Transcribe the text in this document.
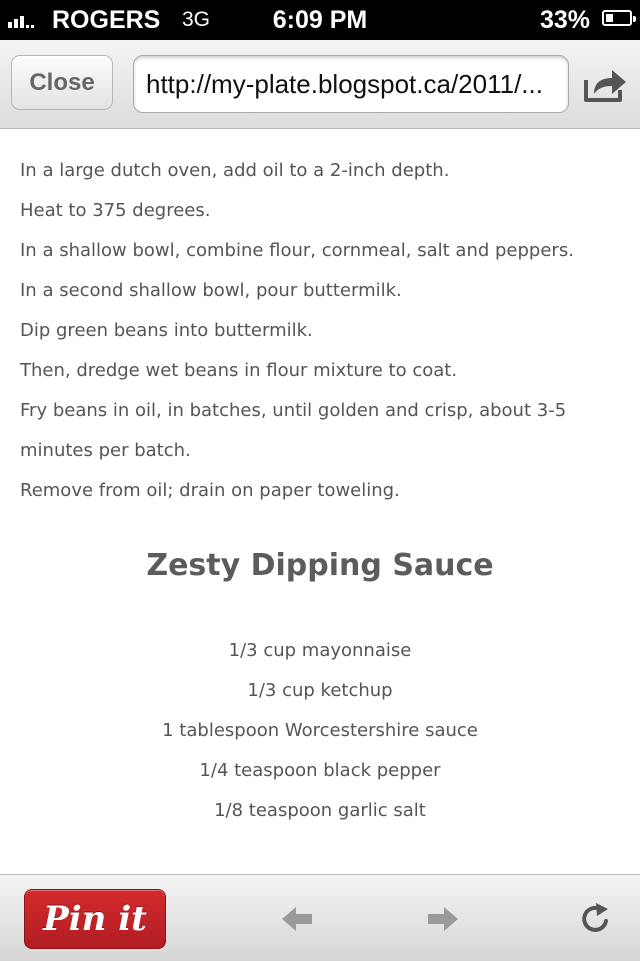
ROGERS 3G	6:09 PM	33%
Close	http://my-plate.blogspot.ca/2011/...
In a large dutch oven, add oil to a 2-inch depth.
Heat to 375 degrees.
In a shallow bowl, combine flour, cornmeal, salt and peppers.
In a second shallow bowl, pour buttermilk.
Dip green beans into buttermilk.
Then, dredge wet beans in flour mixture to coat.
Fry beans in oil, in batches, until golden and crisp, about 3-5 minutes per batch.
Remove from oil; drain on paper toweling.
Zesty Dipping Sauce
1/3 cup mayonnaise
1/3 cup ketchup
1 tablespoon Worcestershire sauce
1/4 teaspoon black pepper
1/8 teaspoon garlic salt
Pin it
